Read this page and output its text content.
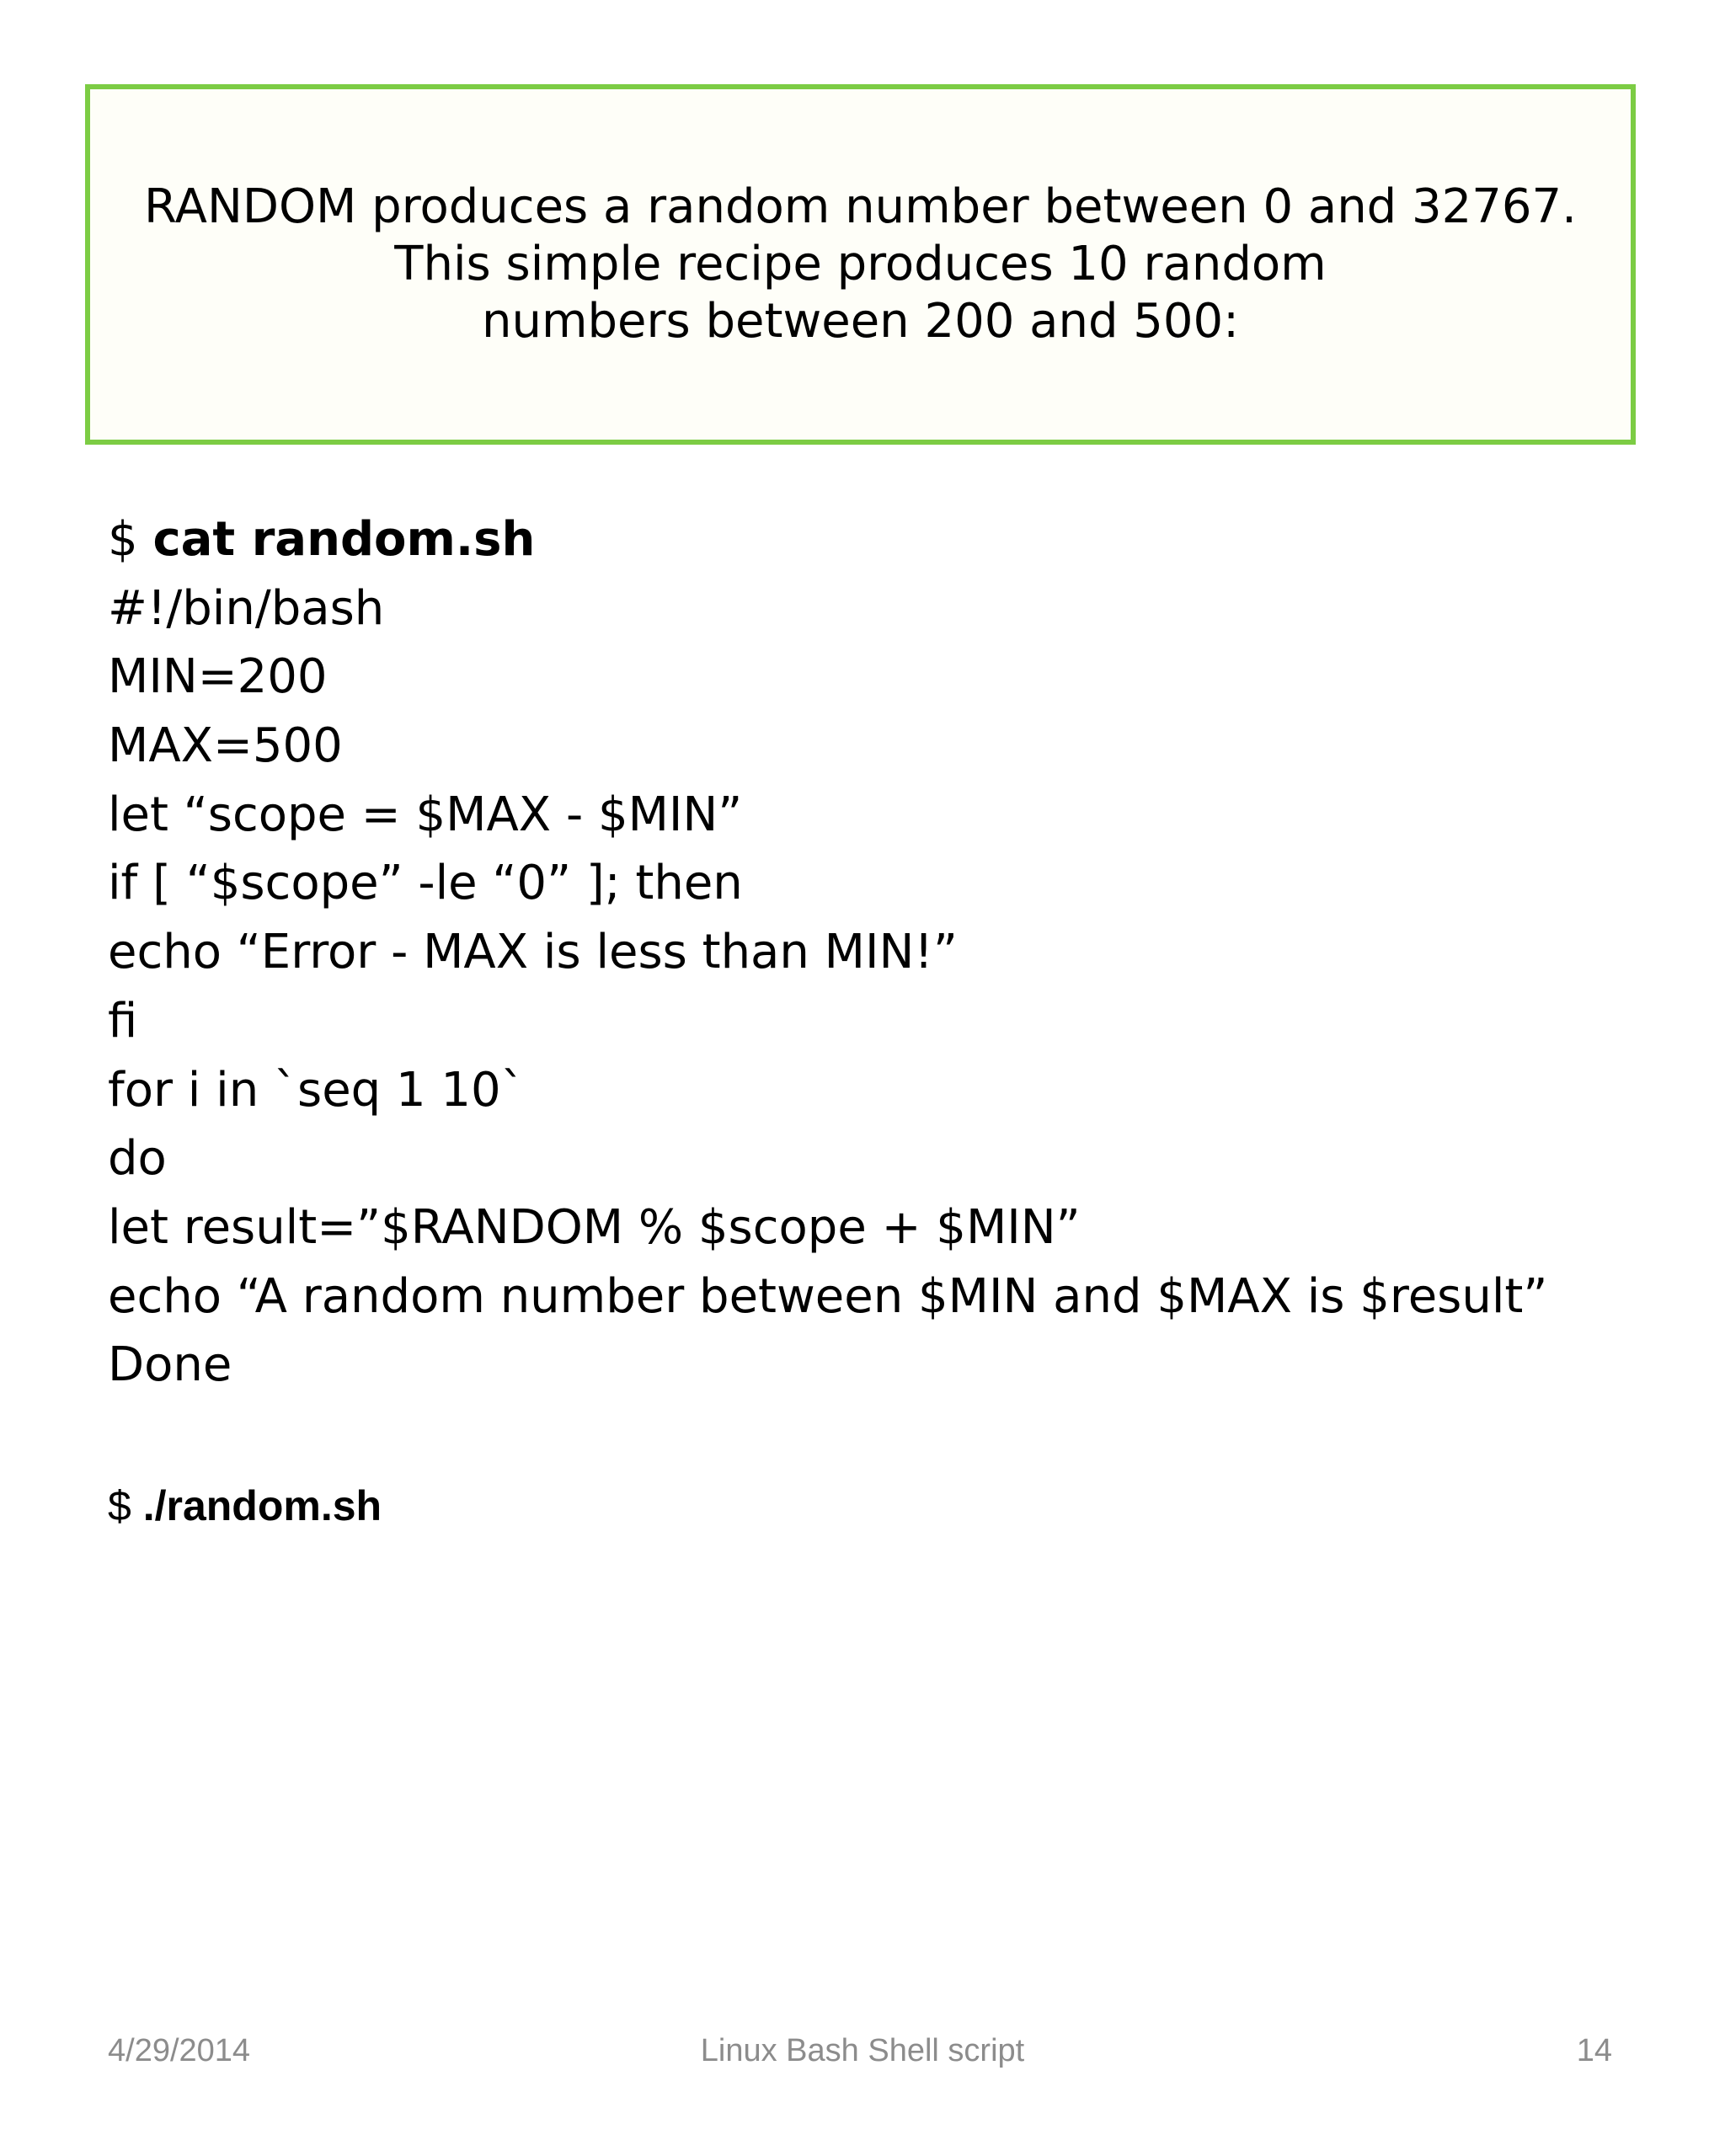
RANDOM produces a random number between 0 and 32767.
This simple recipe produces 10 random
numbers between 200 and 500:
$ cat random.sh
#!/bin/bash
MIN=200
MAX=500
let “scope = $MAX - $MIN”
if [ “$scope” -le “0” ]; then
echo “Error - MAX is less than MIN!”
fi
for i in `seq 1 10`
do
let result=”$RANDOM % $scope + $MIN”
echo “A random number between $MIN and $MAX is $result”
Done
$ ./random.sh
4/29/2014	Linux Bash Shell script	14
